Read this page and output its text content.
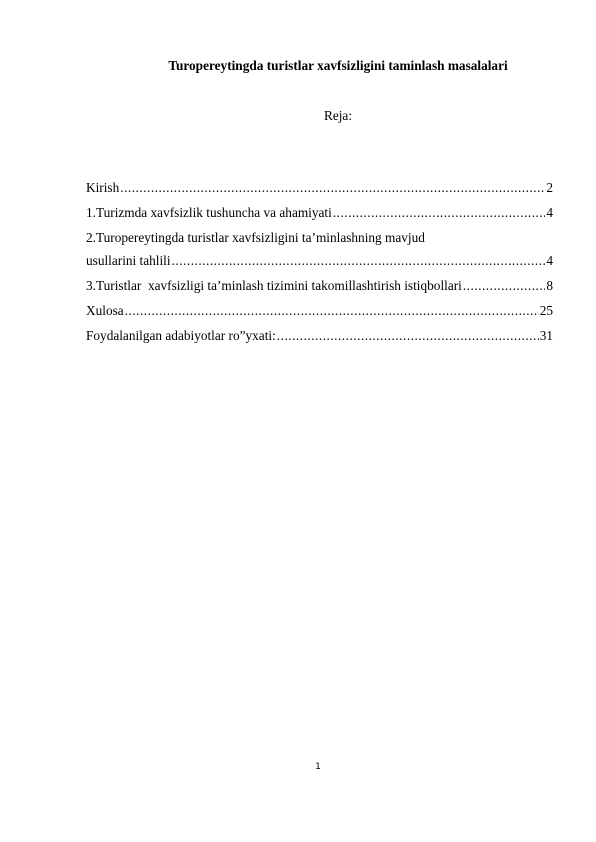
Turopereytingda turistlar xavfsizligini taminlash masalalari
Reja:
Kirish .....	2
1.Turizmda xavfsizlik tushuncha va ahamiyati .....	4
2.Turopereytingda turistlar xavfsizligini ta’minlashning mavjud
usullarini tahlili .....	4
3.Turistlar  xavfsizligi ta’minlash tizimini takomillashtirish istiqbollari .....	8
Xulosa .....	25
Foydalanilgan adabiyotlar ro”yxati: .....	31
1
